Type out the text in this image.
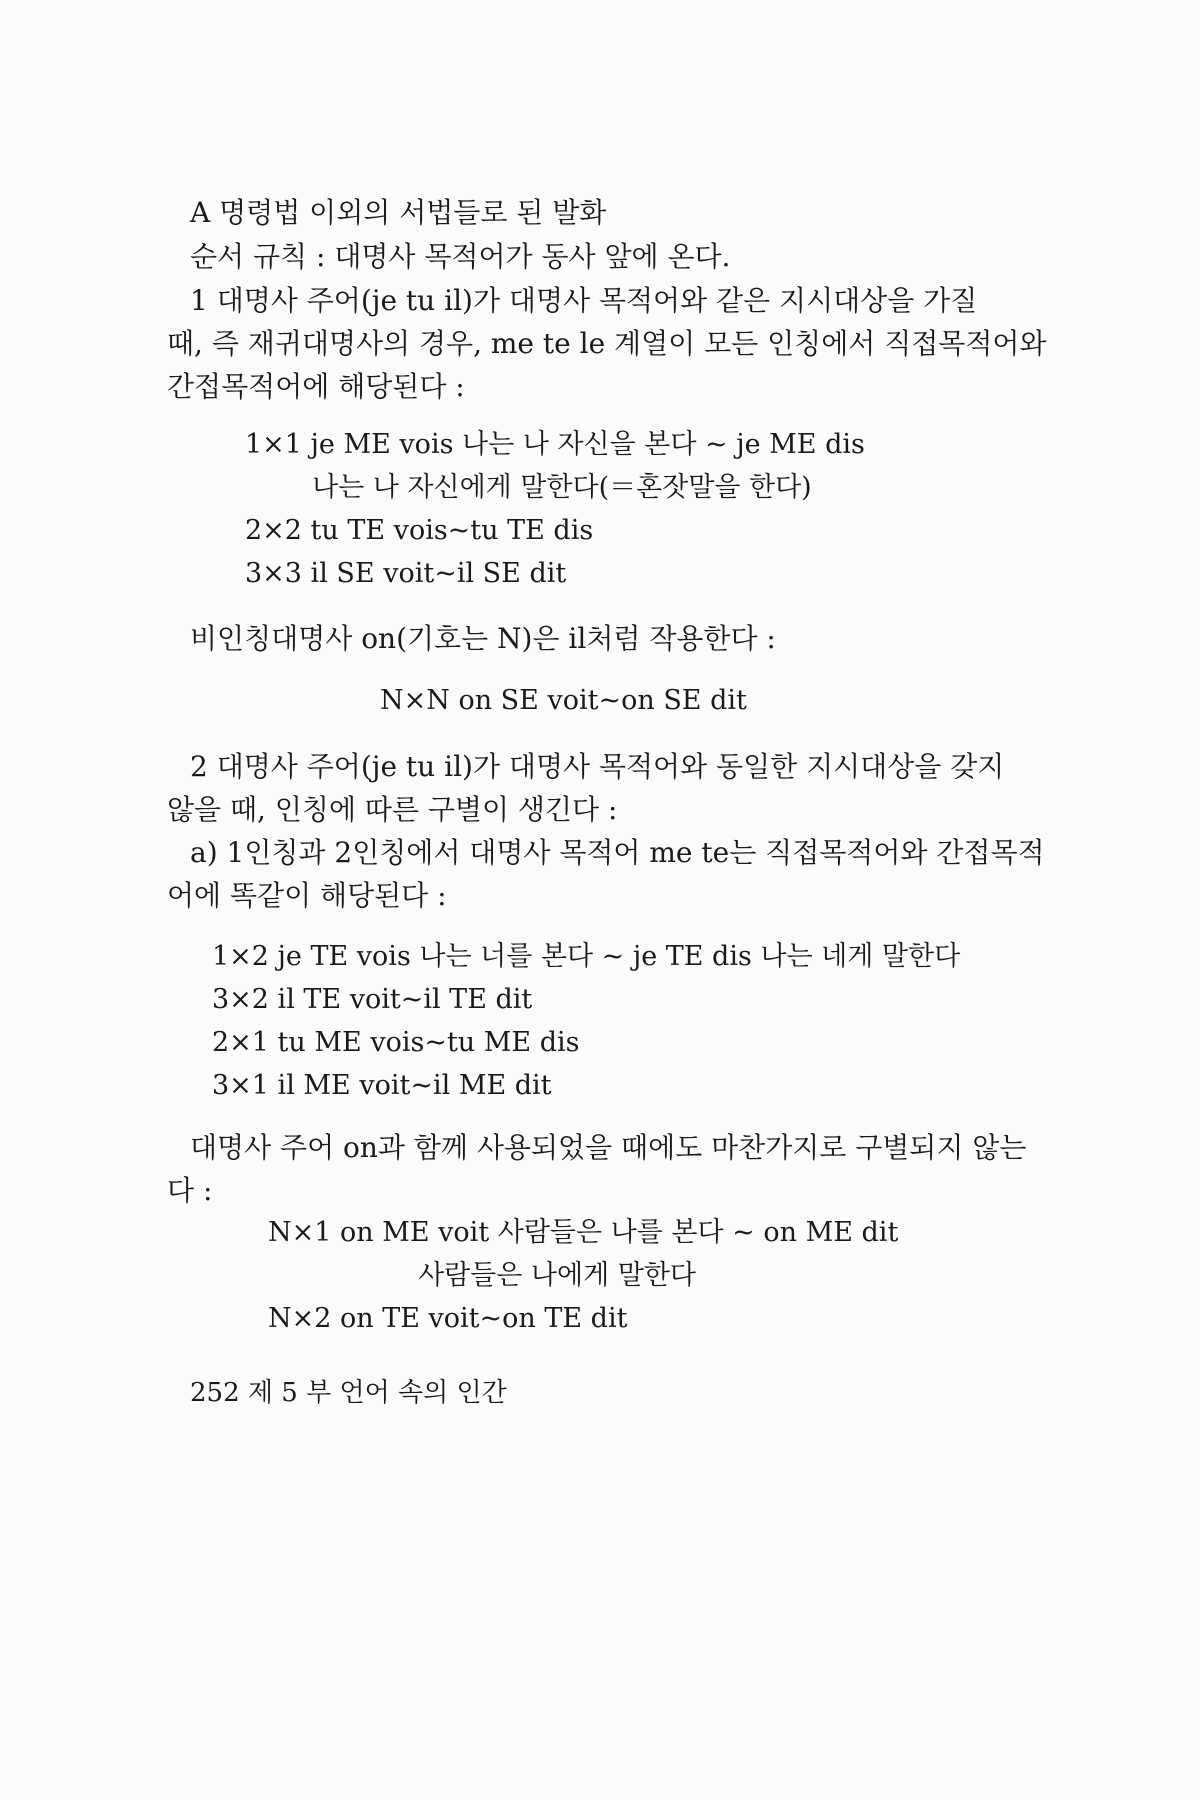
A 명령법 이외의 서법들로 된 발화
순서 규칙 : 대명사 목적어가 동사 앞에 온다.
1 대명사 주어(je tu il)가 대명사 목적어와 같은 지시대상을 가질
때, 즉 재귀대명사의 경우, me te le 계열이 모든 인칭에서 직접목적어와
간접목적어에 해당된다 :
1×1 je ME vois 나는 나 자신을 본다 ~ je ME dis
나는 나 자신에게 말한다(＝혼잣말을 한다)
2×2 tu TE vois~tu TE dis
3×3 il SE voit~il SE dit
비인칭대명사 on(기호는 N)은 il처럼 작용한다 :
N×N on SE voit~on SE dit
2 대명사 주어(je tu il)가 대명사 목적어와 동일한 지시대상을 갖지
않을 때, 인칭에 따른 구별이 생긴다 :
a) 1인칭과 2인칭에서 대명사 목적어 me te는 직접목적어와 간접목적
어에 똑같이 해당된다 :
1×2 je TE vois 나는 너를 본다 ~ je TE dis 나는 네게 말한다
3×2 il TE voit~il TE dit
2×1 tu ME vois~tu ME dis
3×1 il ME voit~il ME dit
대명사 주어 on과 함께 사용되었을 때에도 마찬가지로 구별되지 않는
다 :
N×1 on ME voit 사람들은 나를 본다 ~ on ME dit
사람들은 나에게 말한다
N×2 on TE voit~on TE dit
252 제 5 부 언어 속의 인간
